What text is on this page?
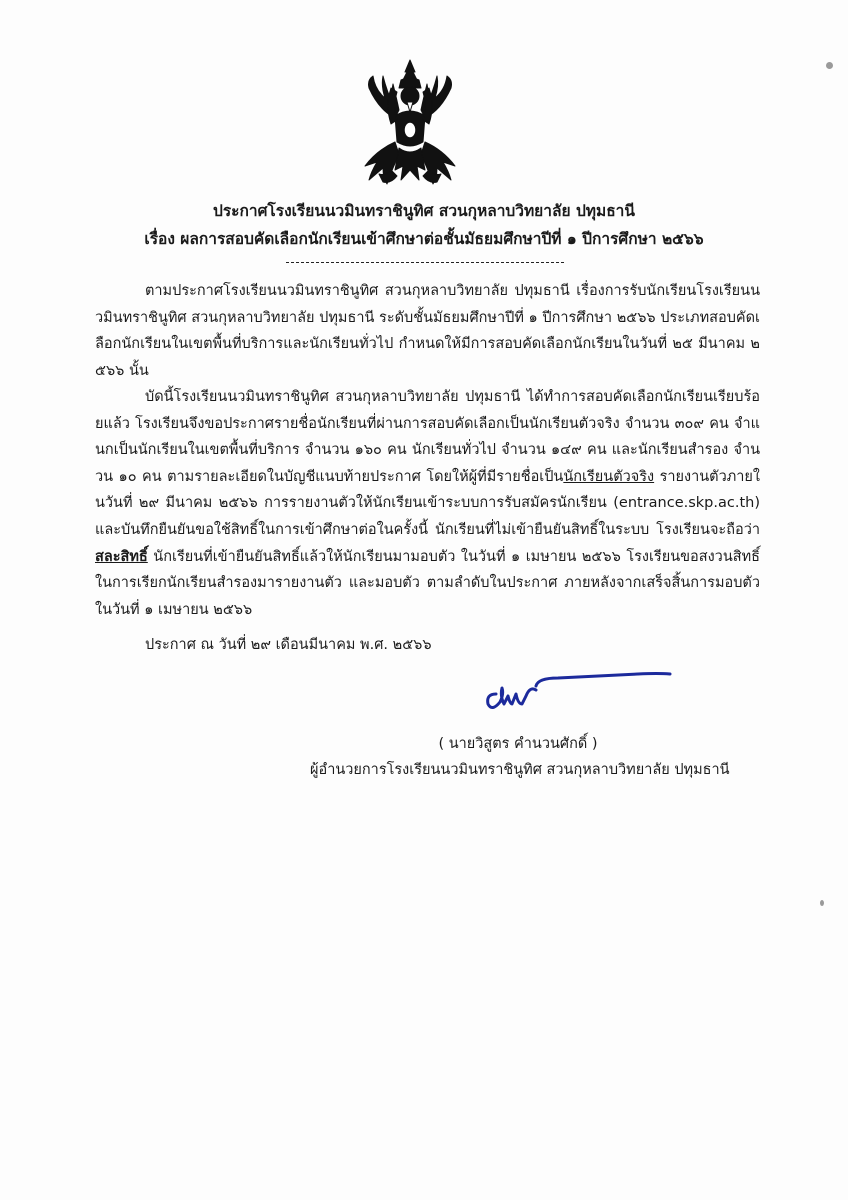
ประกาศโรงเรียนนวมินทราชินูทิศ สวนกุหลาบวิทยาลัย ปทุมธานี
เรื่อง ผลการสอบคัดเลือกนักเรียนเข้าศึกษาต่อชั้นมัธยมศึกษาปีที่ ๑ ปีการศึกษา ๒๕๖๖

ตามประกาศโรงเรียนนวมินทราชินูทิศ สวนกุหลาบวิทยาลัย ปทุมธานี เรื่องการรับนักเรียนโรงเรียนนวมินทราชินูทิศ สวนกุหลาบวิทยาลัย ปทุมธานี ระดับชั้นมัธยมศึกษาปีที่ ๑ ปีการศึกษา ๒๕๖๖ ประเภทสอบคัดเลือกนักเรียนในเขตพื้นที่บริการและนักเรียนทั่วไป กำหนดให้มีการสอบคัดเลือกนักเรียนในวันที่ ๒๕ มีนาคม ๒๕๖๖ นั้น

บัดนี้โรงเรียนนวมินทราชินูทิศ สวนกุหลาบวิทยาลัย ปทุมธานี ได้ทำการสอบคัดเลือกนักเรียนเรียบร้อยแล้ว โรงเรียนจึงขอประกาศรายชื่อนักเรียนที่ผ่านการสอบคัดเลือกเป็นนักเรียนตัวจริง จำนวน ๓๐๙ คน จำแนกเป็นนักเรียนในเขตพื้นที่บริการ จำนวน ๑๖๐ คน นักเรียนทั่วไป จำนวน ๑๔๙ คน และนักเรียนสำรอง จำนวน ๑๐ คน ตามรายละเอียดในบัญชีแนบท้ายประกาศ โดยให้ผู้ที่มีรายชื่อเป็นนักเรียนตัวจริง รายงานตัวภายในวันที่ ๒๙ มีนาคม ๒๕๖๖ การรายงานตัวให้นักเรียนเข้าระบบการรับสมัครนักเรียน (entrance.skp.ac.th) และบันทึกยืนยันขอใช้สิทธิ์ในการเข้าศึกษาต่อในครั้งนี้ นักเรียนที่ไม่เข้ายืนยันสิทธิ์ในระบบ โรงเรียนจะถือว่า สละสิทธิ์ นักเรียนที่เข้ายืนยันสิทธิ์แล้วให้นักเรียนมามอบตัว ในวันที่ ๑ เมษายน ๒๕๖๖ โรงเรียนขอสงวนสิทธิ์ในการเรียกนักเรียนสำรองมารายงานตัว และมอบตัว ตามลำดับในประกาศ ภายหลังจากเสร็จสิ้นการมอบตัวในวันที่ ๑ เมษายน ๒๕๖๖

ประกาศ ณ วันที่ ๒๙ เดือนมีนาคม พ.ศ. ๒๕๖๖

( นายวิสูตร คำนวนศักดิ์ )
ผู้อำนวยการโรงเรียนนวมินทราชินูทิศ สวนกุหลาบวิทยาลัย ปทุมธานี
